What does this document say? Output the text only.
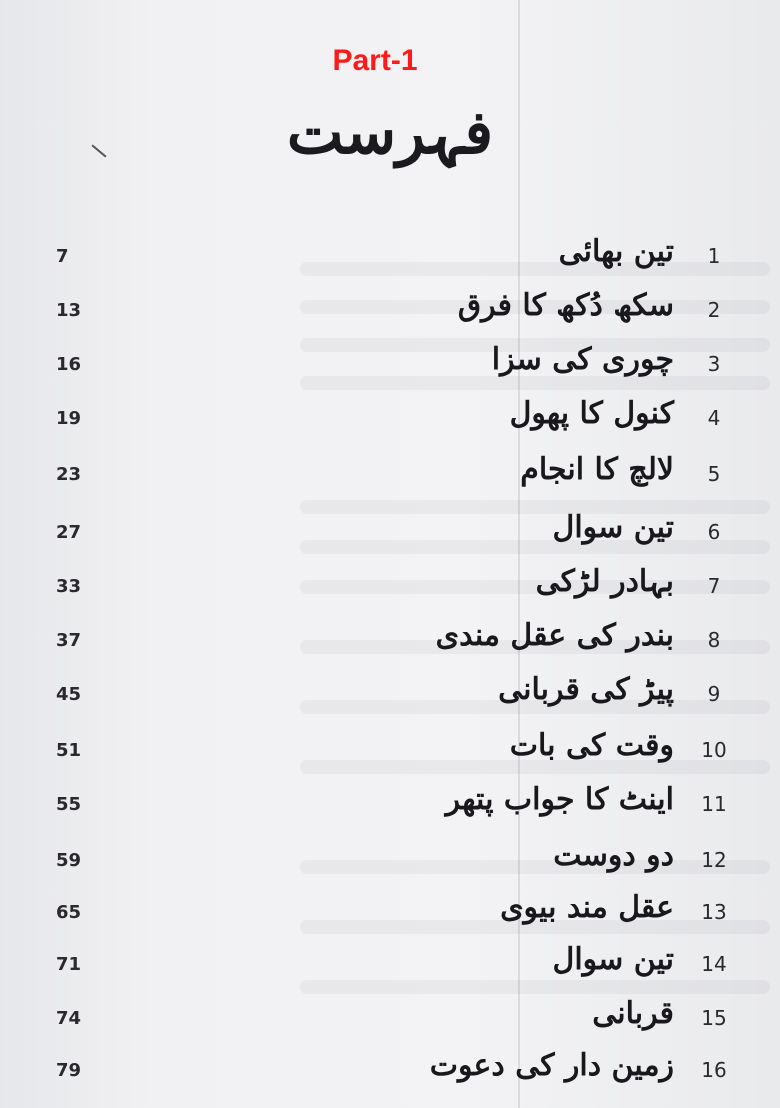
Part-1
فہرست
7	تین بھائی	1
13	سکھ دُکھ کا فرق	2
16	چوری کی سزا	3
19	کنول کا پھول	4
23	لالچ کا انجام	5
27	تین سوال	6
33	بہادر لڑکی	7
37	بندر کی عقل مندی	8
45	پیڑ کی قربانی	9
51	وقت کی بات	10
55	اینٹ کا جواب پتھر	11
59	دو دوست	12
65	عقل مند بیوی	13
71	تین سوال	14
74	قربانی	15
79	زمین دار کی دعوت	16
